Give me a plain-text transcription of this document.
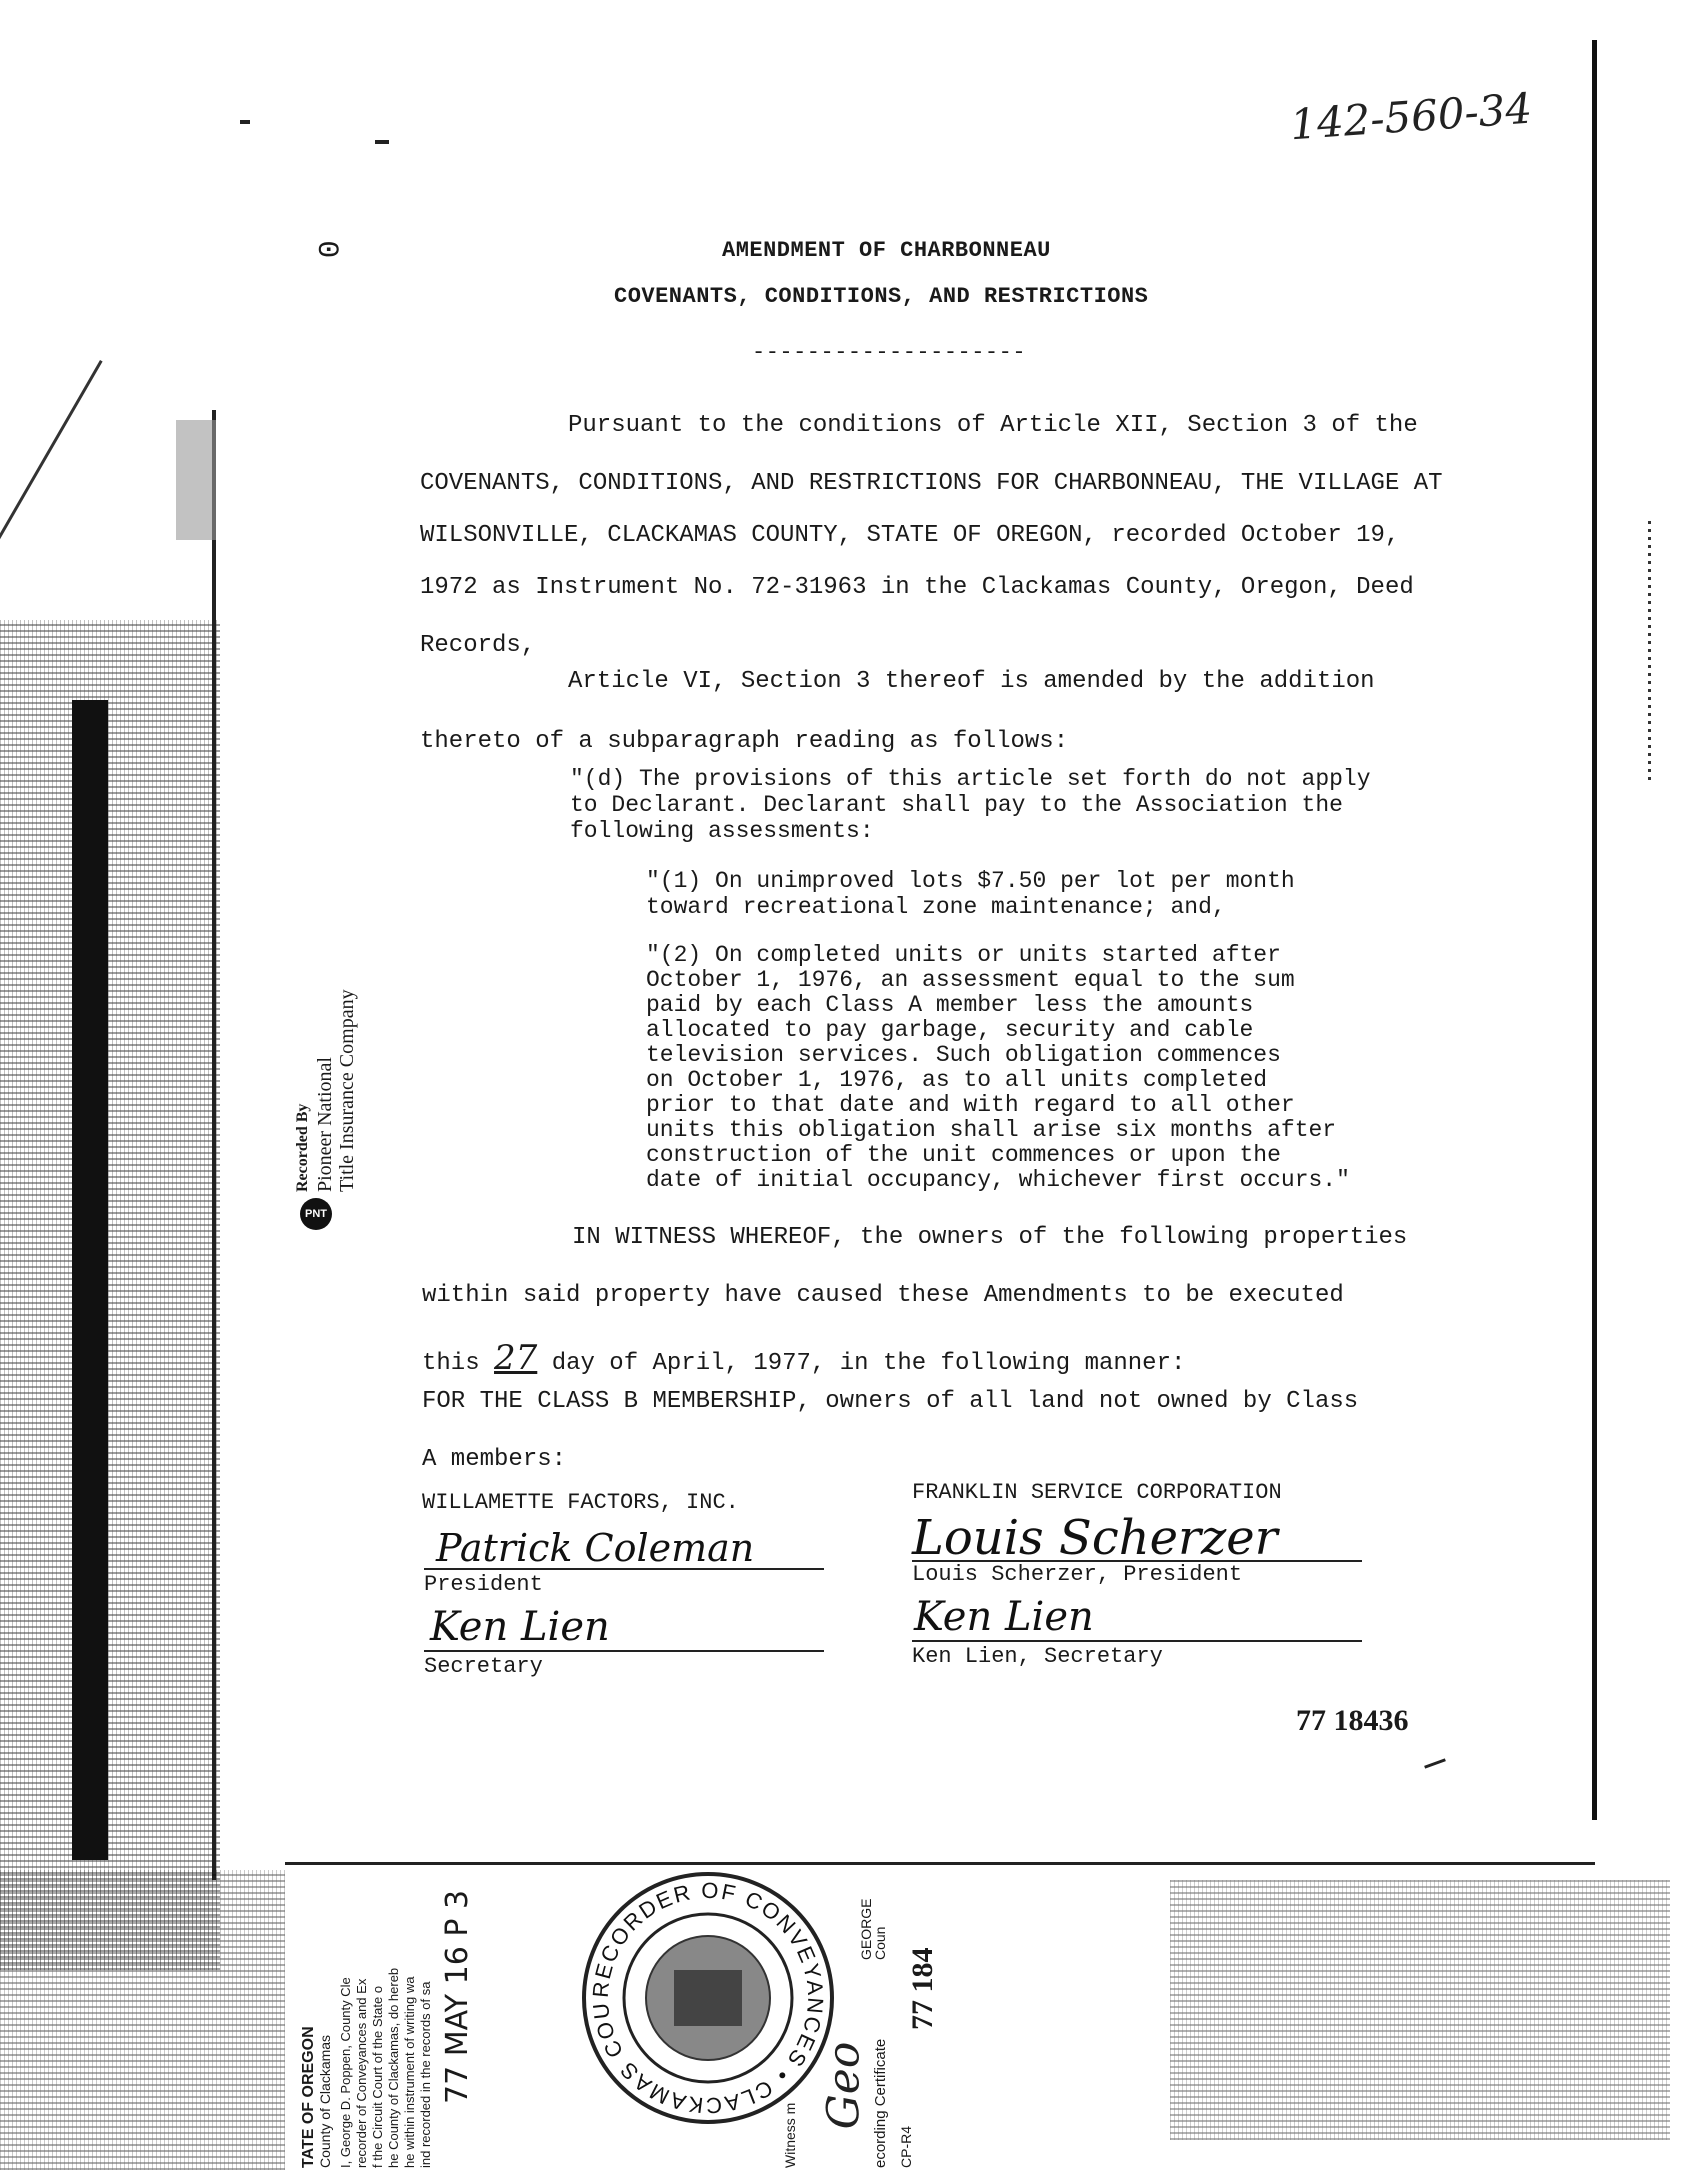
0
142-560-34
AMENDMENT OF CHARBONNEAU
COVENANTS, CONDITIONS, AND RESTRICTIONS
--------------------
Pursuant to the conditions of Article XII, Section 3 of the
COVENANTS, CONDITIONS, AND RESTRICTIONS FOR CHARBONNEAU, THE VILLAGE AT
WILSONVILLE, CLACKAMAS COUNTY, STATE OF OREGON, recorded October 19,
1972 as Instrument No. 72-31963 in the Clackamas County, Oregon, Deed
Records,
Article VI, Section 3 thereof is amended by the addition
thereto of a subparagraph reading as follows:
"(d) The provisions of this article set forth do not apply
to Declarant. Declarant shall pay to the Association the
following assessments:
"(1) On unimproved lots $7.50 per lot per month
toward recreational zone maintenance; and,
"(2) On completed units or units started after
October 1, 1976, an assessment equal to the sum
paid by each Class A member less the amounts
allocated to pay garbage, security and cable
television services. Such obligation commences
on October 1, 1976, as to all units completed
prior to that date and with regard to all other
units this obligation shall arise six months after
construction of the unit commences or upon the
date of initial occupancy, whichever first occurs."
IN WITNESS WHEREOF, the owners of the following properties
within said property have caused these Amendments to be executed
this 27 day of April, 1977, in the following manner:
FOR THE CLASS B MEMBERSHIP, owners of all land not owned by Class
A members:
WILLAMETTE FACTORS, INC.
Patrick Coleman
President
Ken Lien
Secretary
FRANKLIN SERVICE CORPORATION
Louis Scherzer
Louis Scherzer, President
Ken Lien
Ken Lien, Secretary
77 18436
PNT
Recorded By Pioneer National Title Insurance Company
TATE OF OREGON County of Clackamas I, George D. Poppen, County Cle recorder of Conveyances and Ex f the Circuit Court of the State o he County of Clackamas, do hereb he within instrument of writing wa ind recorded in the records of sa 77 MAY 16 P 3	RECORDER OF CONVEYANCES • CLACKAMAS COU
Witness m
Geo ecording Certificate CP-R4
77 184
GEORGE
Coun
